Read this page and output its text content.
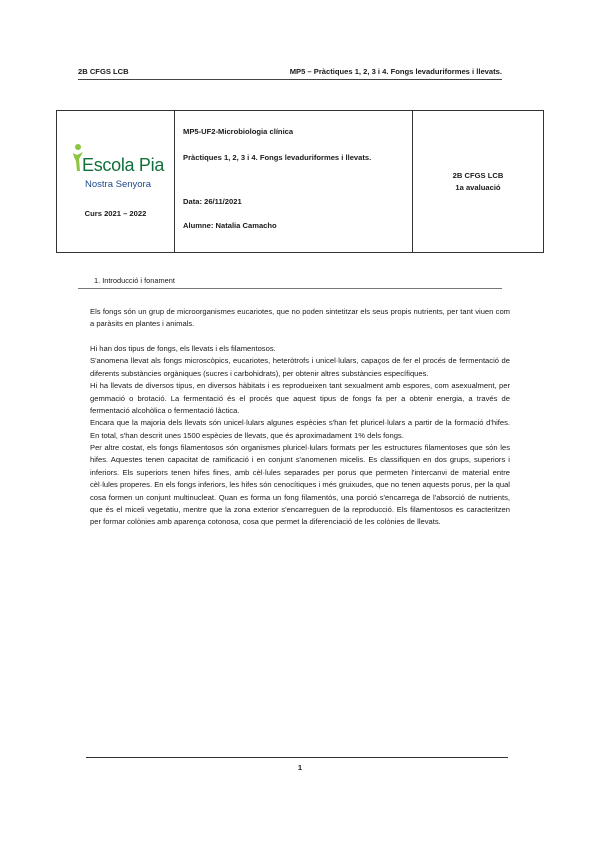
2B CFGS LCB	MP5 – Pràctiques 1, 2, 3 i 4. Fongs levaduriformes i llevats.
Escola Pia
Nostra Senyora
Curs 2021 – 2022

MP5-UF2-Microbiologia clínica
Pràctiques 1, 2, 3 i 4. Fongs levaduriformes i llevats.
Data: 26/11/2021
Alumne: Natalia Camacho

2B CFGS LCB
1a avaluació
1. Introducció i fonament

Els fongs són un grup de microorganismes eucariotes, que no poden sintetitzar els seus propis nutrients, per tant viuen com a paràsits en plantes i animals.

Hi han dos tipus de fongs, els llevats i els filamentosos.

S'anomena llevat als fongs microscòpics, eucariotes, heteròtrofs i unicel·lulars, capaços de fer el procés de fermentació de diferents substàncies orgàniques (sucres i carbohidrats), per obtenir altres substàncies específiques.

Hi ha llevats de diversos tipus, en diversos hàbitats i es reprodueixen tant sexualment amb espores, com asexualment, per gemmació o brotació. La fermentació és el procés que aquest tipus de fongs fa per a obtenir energia, a través de fermentació alcohòlica o fermentació làctica.

Encara que la majoria dels llevats són unicel·lulars algunes espècies s'han fet pluricel·lulars a partir de la formació d'hifes. En total, s'han descrit unes 1500 espècies de llevats, que és aproximadament 1% dels fongs.

Per altre costat, els fongs filamentosos són organismes pluricel·lulars formats per les estructures filamentoses que són les hifes. Aquestes tenen capacitat de ramificació i en conjunt s'anomenen micelis. Es classifiquen en dos grups, superiors i inferiors. Els superiors tenen hifes fines, amb cèl·lules separades per porus que permeten l'intercanvi de material entre cèl·lules properes. En els fongs inferiors, les hifes són cenocítiques i més gruixudes, que no tenen aquests porus, per la qual cosa formen un conjunt multinucleat. Quan es forma un fong filamentós, una porció s'encarrega de l'absorció de nutrients, que és el miceli vegetatiu, mentre que la zona exterior s'encarreguen de la reproducció. Els filamentosos es caracteritzen per formar colònies amb aparença cotonosa, cosa que permet la diferenciació de les colònies de llevats.

1
